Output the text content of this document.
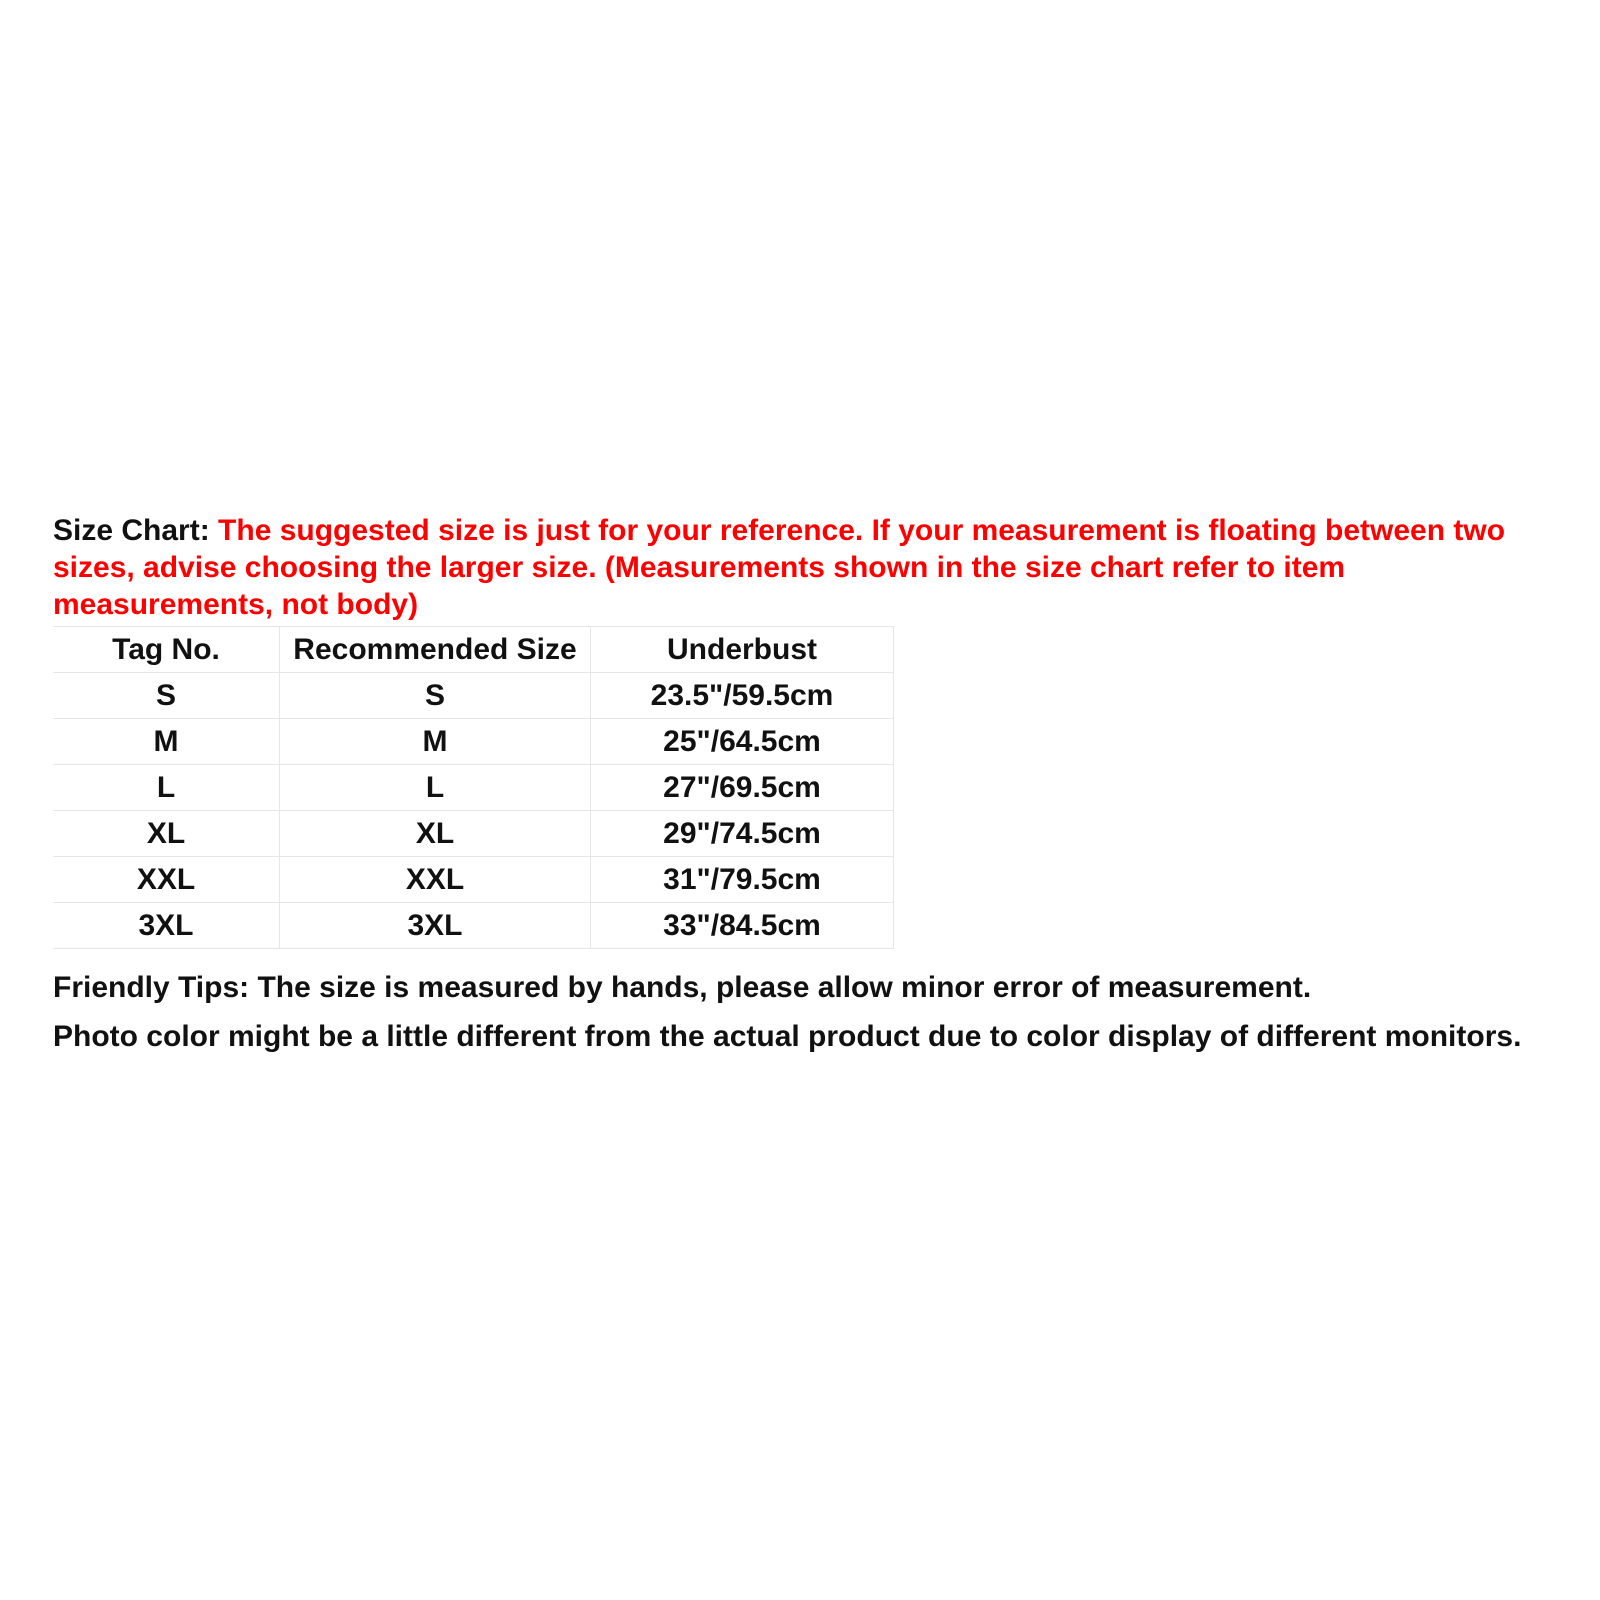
Size Chart: The suggested size is just for your reference. If your measurement is floating between two sizes, advise choosing the larger size. (Measurements shown in the size chart refer to item measurements, not body)

Tag No.	Recommended Size	Underbust
S	S	23.5"/59.5cm
M	M	25"/64.5cm
L	L	27"/69.5cm
XL	XL	29"/74.5cm
XXL	XXL	31"/79.5cm
3XL	3XL	33"/84.5cm

Friendly Tips: The size is measured by hands, please allow minor error of measurement.

Photo color might be a little different from the actual product due to color display of different monitors.
